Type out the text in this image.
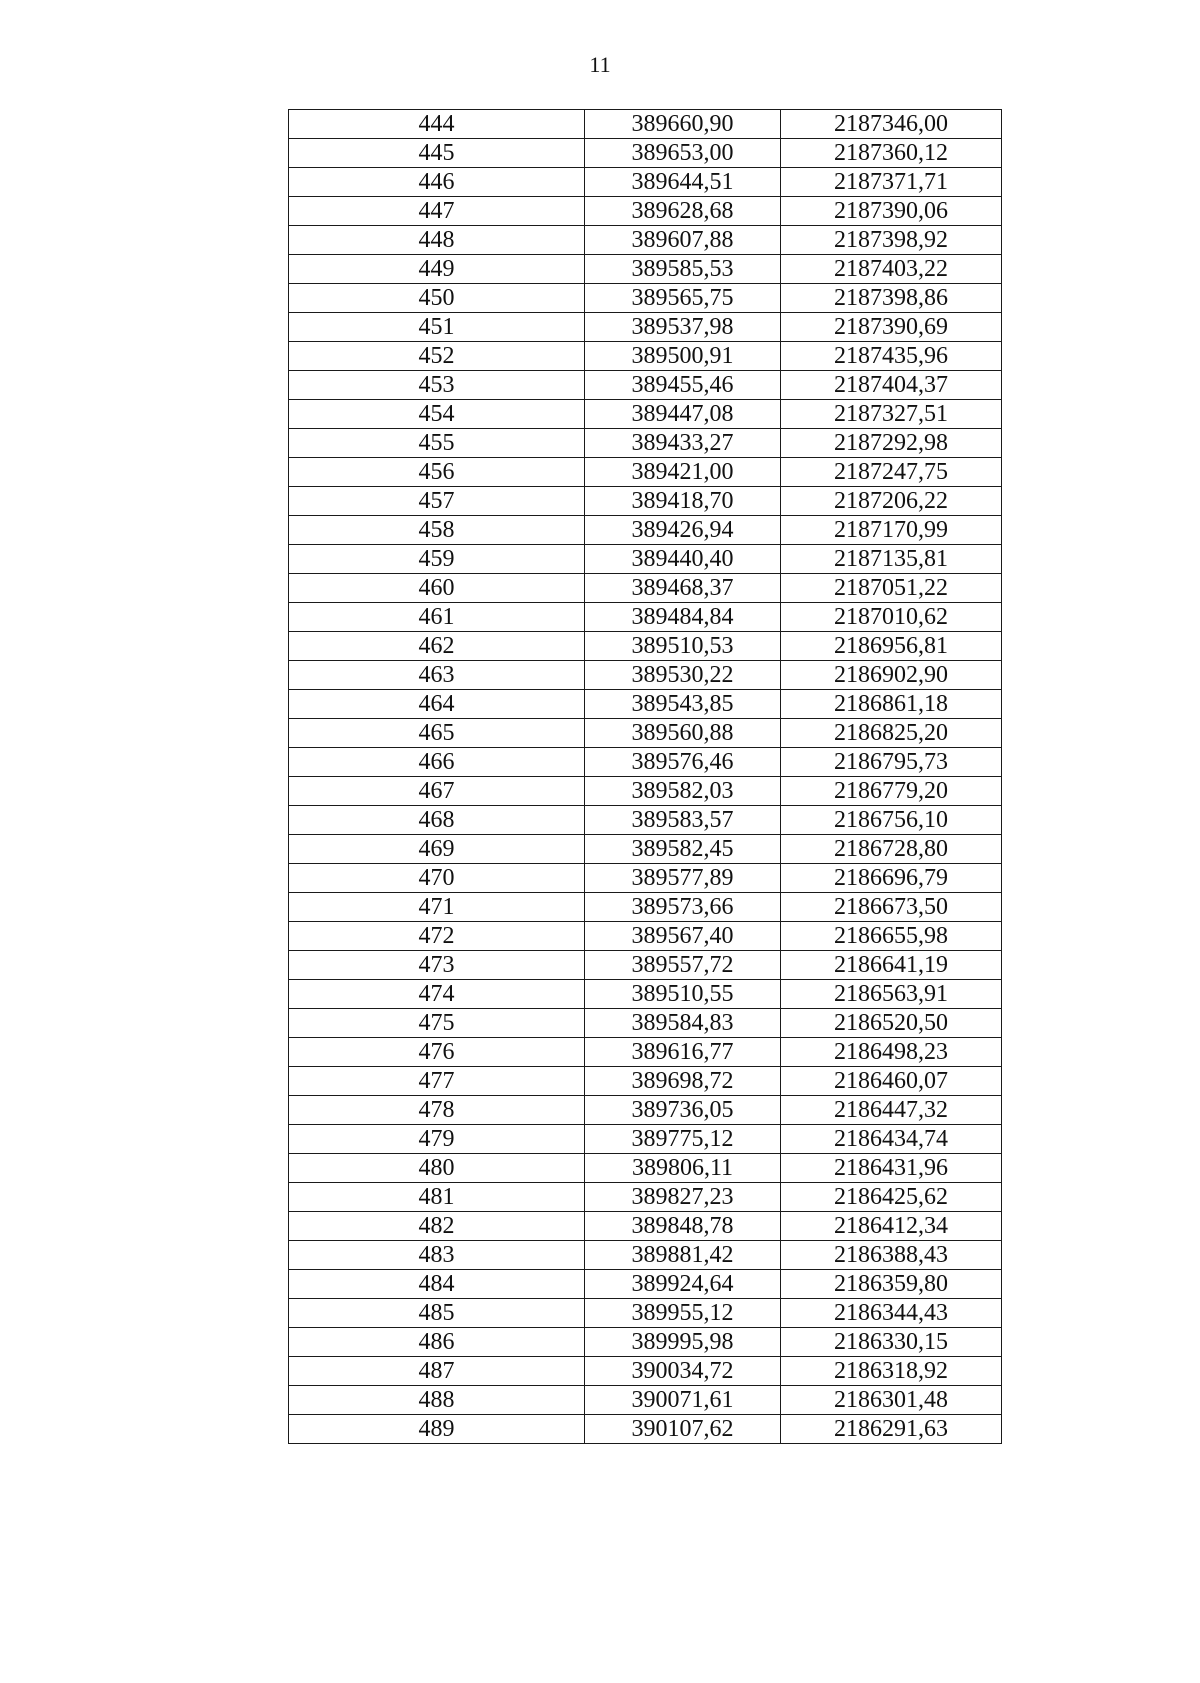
11
444	389660,90	2187346,00
445	389653,00	2187360,12
446	389644,51	2187371,71
447	389628,68	2187390,06
448	389607,88	2187398,92
449	389585,53	2187403,22
450	389565,75	2187398,86
451	389537,98	2187390,69
452	389500,91	2187435,96
453	389455,46	2187404,37
454	389447,08	2187327,51
455	389433,27	2187292,98
456	389421,00	2187247,75
457	389418,70	2187206,22
458	389426,94	2187170,99
459	389440,40	2187135,81
460	389468,37	2187051,22
461	389484,84	2187010,62
462	389510,53	2186956,81
463	389530,22	2186902,90
464	389543,85	2186861,18
465	389560,88	2186825,20
466	389576,46	2186795,73
467	389582,03	2186779,20
468	389583,57	2186756,10
469	389582,45	2186728,80
470	389577,89	2186696,79
471	389573,66	2186673,50
472	389567,40	2186655,98
473	389557,72	2186641,19
474	389510,55	2186563,91
475	389584,83	2186520,50
476	389616,77	2186498,23
477	389698,72	2186460,07
478	389736,05	2186447,32
479	389775,12	2186434,74
480	389806,11	2186431,96
481	389827,23	2186425,62
482	389848,78	2186412,34
483	389881,42	2186388,43
484	389924,64	2186359,80
485	389955,12	2186344,43
486	389995,98	2186330,15
487	390034,72	2186318,92
488	390071,61	2186301,48
489	390107,62	2186291,63
